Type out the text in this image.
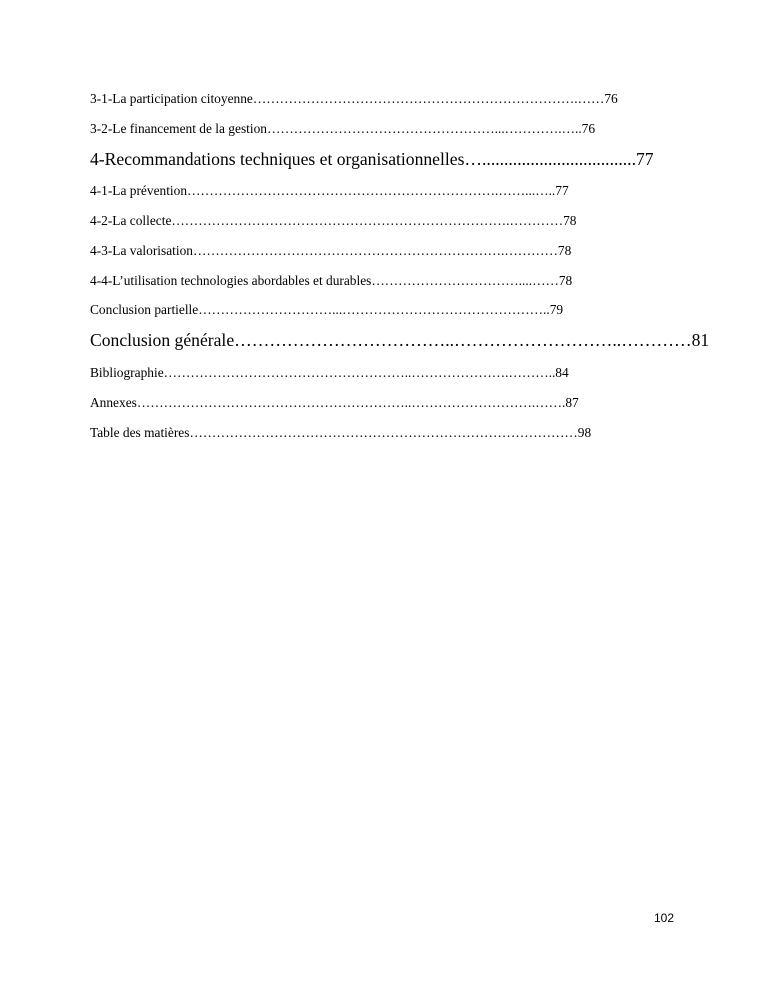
3-1-La participation citoyenne……………………………………………………………….……76
3-2-Le financement de la gestion……………………………………………...………….…..76
4-Recommandations techniques et organisationnelles…...................................77
4-1-La prévention…………………………………………………………….……...…..77
4-2-La collecte………………………………………………………………….…………78
4-3-La valorisation…………………………………………………………….…………78
4-4-L’utilisation technologies abordables et durables……………………………....……78
Conclusion partielle…………………………...………………………………………..79
Conclusion générale………………………………..………………………..…………81
Bibliographie………………………………………………..………………….………..84
Annexes……………………………………………………..……………………….…….87
Table des matières……………………………………………………………………………98
102
